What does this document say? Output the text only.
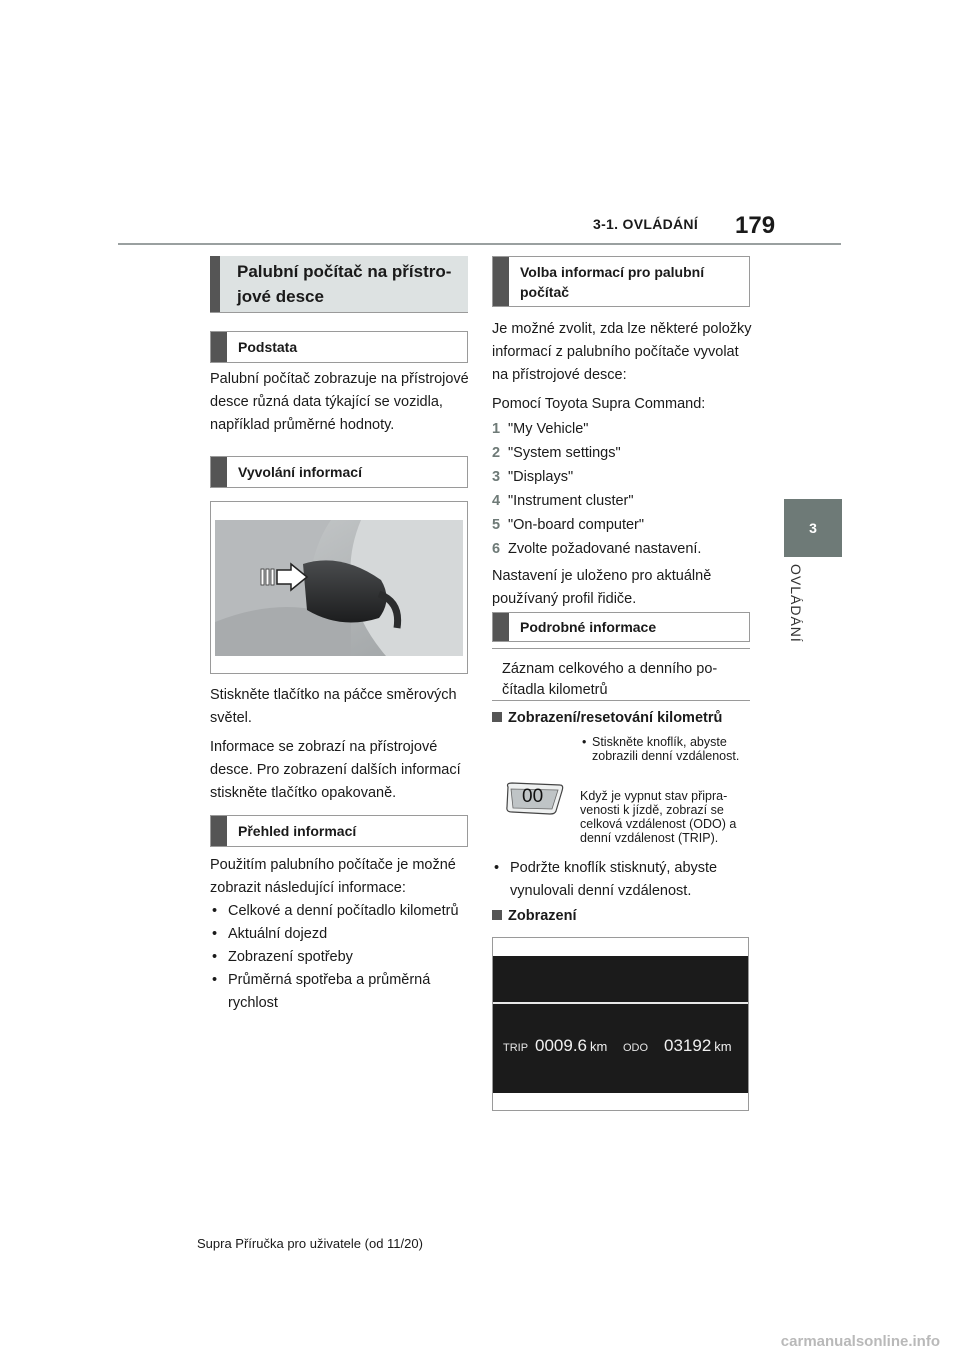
3-1. OVLÁDÁNÍ 179
3
OVLÁDÁNÍ
Palubní počítač na přístrojové desce
Podstata
Palubní počítač zobrazuje na přístrojové desce různá data týkající se vozidla, například průměrné hodnoty.
Vyvolání informací

Stiskněte tlačítko na páčce směrových světel.

Informace se zobrazí na přístrojové desce. Pro zobrazení dalších informací stiskněte tlačítko opakovaně.

Přehled informací

Použitím palubního počítače je možné zobrazit následující informace:

• Celkové a denní počítadlo kilometrů
• Aktuální dojezd
• Zobrazení spotřeby
• Průměrná spotřeba a průměrná rychlost
Volba informací pro palubní počítač

Je možné zvolit, zda lze některé položky informací z palubního počítače vyvolat na přístrojové desce:

Pomocí Toyota Supra Command:

1 "My Vehicle"
2 "System settings"
3 "Displays"
4 "Instrument cluster"
5 "On-board computer"
6 Zvolte požadované nastavení.

Nastavení je uloženo pro aktuálně používaný profil řidiče.

Podrobné informace
Záznam celkového a denního počítadla kilometrů
Zobrazení/resetování kilometrů
• Stiskněte knoflík, abyste zobrazili denní vzdálenost.
00	Když je vypnut stav připravenosti k jízdě, zobrazí se celková vzdálenost (ODO) a denní vzdálenost (TRIP).
• Podržte knoflík stisknutý, abyste vynulovali denní vzdálenost.
Zobrazení
TRIP 0009.6 km ODO 03192 km
Supra Příručka pro uživatele (od 11/20)
carmanualsonline.info
